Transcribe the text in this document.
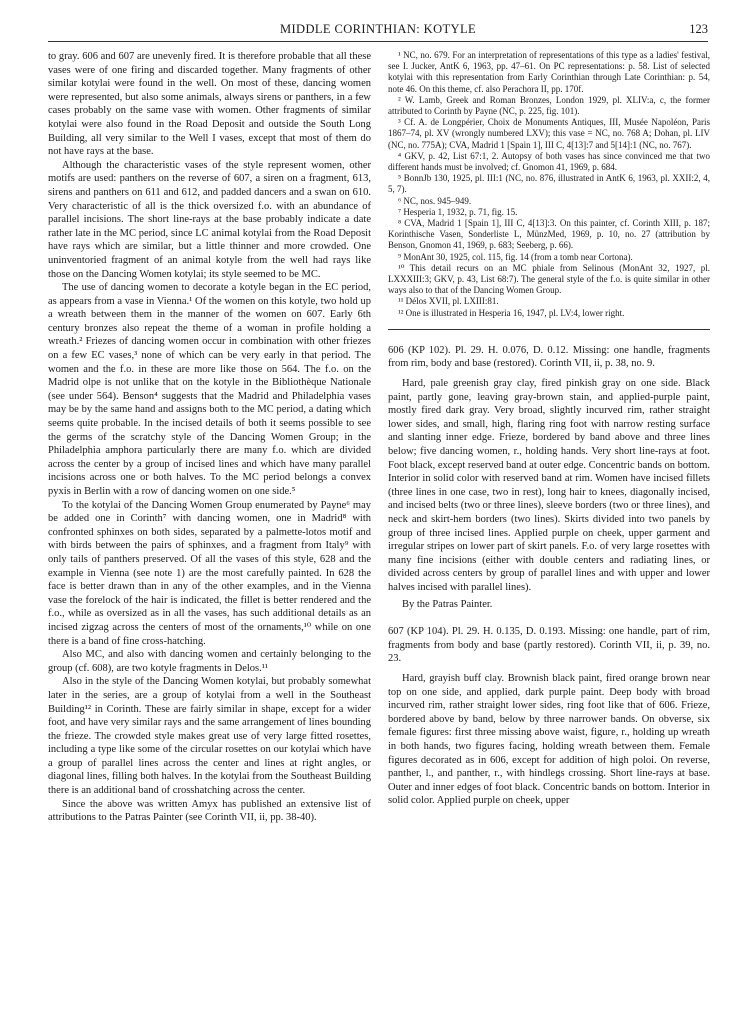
MIDDLE CORINTHIAN: KOTYLE	123

to gray. 606 and 607 are unevenly fired. It is therefore probable that all these vases were of one firing and discarded together. Many fragments of other similar kotylai were found in the well. On most of these, dancing women were represented, but also some animals, always sirens or panthers, in a few cases probably on the same vase with women. Other fragments of similar kotylai were also found in the Road Deposit and outside the South Long Building, all very similar to the Well I vases, except that most of them do not have rays at the base.

Although the characteristic vases of the style represent women, other motifs are used: panthers on the reverse of 607, a siren on a fragment, 613, sirens and panthers on 611 and 612, and padded dancers and a swan on 610. Very characteristic of all is the thick oversized f.o. with an abundance of parallel incisions. The short line-rays at the base probably indicate a date rather late in the MC period, since LC animal kotylai from the Road Deposit have rays which are similar, but a little thinner and more crowded. One uninventoried fragment of an animal kotyle from the well had rays like those on the Dancing Women kotylai; its style seemed to be MC.

The use of dancing women to decorate a kotyle began in the EC period, as appears from a vase in Vienna.¹ Of the women on this kotyle, two hold up a wreath between them in the manner of the women on 607. Early 6th century bronzes also repeat the theme of a woman in profile holding a wreath.² Friezes of dancing women occur in combination with other friezes on a few EC vases,³ none of which can be very early in that period. The women and the f.o. in these are more like those on 564. The f.o. on the Madrid olpe is not unlike that on the kotyle in the Bibliothèque Nationale (see under 564). Benson⁴ suggests that the Madrid and Philadelphia vases may be by the same hand and assigns both to the MC period, a dating which seems quite probable. In the incised details of both it seems possible to see the germs of the scratchy style of the Dancing Women Group; in the Philadelphia amphora particularly there are many f.o. which are divided across the center by a group of incised lines and which have many parallel incisions across one or both halves. To the MC period belongs a convex pyxis in Berlin with a row of dancing women on one side.⁵

To the kotylai of the Dancing Women Group enumerated by Payne⁶ may be added one in Corinth⁷ with dancing women, one in Madrid⁸ with confronted sphinxes on both sides, separated by a palmette-lotos motif and with birds between the pairs of sphinxes, and a fragment from Italy⁹ with only tails of panthers preserved. Of all the vases of this style, 628 and the example in Vienna (see note 1) are the most carefully painted. In 628 the face is better drawn than in any of the other examples, and in the Vienna vase the forelock of the hair is indicated, the fillet is better rendered and the f.o., while as oversized as in all the vases, has such additional details as an incised zigzag across the centers of most of the ornaments,¹⁰ while on one there is a band of fine cross-hatching.

Also MC, and also with dancing women and certainly belonging to the group (cf. 608), are two kotyle fragments in Delos.¹¹

Also in the style of the Dancing Women kotylai, but probably somewhat later in the series, are a group of kotylai from a well in the Southeast Building¹² in Corinth. These are fairly similar in shape, except for a wider foot, and have very similar rays and the same arrangement of lines bounding the frieze. The crowded style makes great use of very large fitted rosettes, including a type like some of the circular rosettes on our kotylai which have a group of parallel lines across the center and lines at right angles, or diagonal lines, filling both halves. In the kotylai from the Southeast Building there is an additional band of crosshatching across the center.

Since the above was written Amyx has published an extensive list of attributions to the Patras Painter (see Corinth VII, ii, pp. 38-40).

¹ NC, no. 679. For an interpretation of representations of this type as a ladies' festival, see I. Jucker, AntK 6, 1963, pp. 47–61. On PC representations: p. 58. List of selected kotylai with this representation from Early Corinthian through Late Corinthian: p. 54, note 46. On this theme, cf. also Perachora II, pp. 170f.

² W. Lamb, Greek and Roman Bronzes, London 1929, pl. XLIV:a, c, the former attributed to Corinth by Payne (NC, p. 225, fig. 101).

³ Cf. A. de Longpérier, Choix de Monuments Antiques, III, Musée Napoléon, Paris 1867–74, pl. XV (wrongly numbered LXV); this vase = NC, no. 768 A; Dohan, pl. LIV (NC, no. 775A); CVA, Madrid 1 [Spain 1], III C, 4[13]:7 and 5[14]:1 (NC, no. 767).

⁴ GKV, p. 42, List 67:1, 2. Autopsy of both vases has since convinced me that two different hands must be involved; cf. Gnomon 41, 1969, p. 684.

⁵ BonnJb 130, 1925, pl. III:1 (NC, no. 876, illustrated in AntK 6, 1963, pl. XXII:2, 4, 5, 7).

⁶ NC, nos. 945–949.

⁷ Hesperia 1, 1932, p. 71, fig. 15.

⁸ CVA, Madrid 1 [Spain 1], III C, 4[13]:3. On this painter, cf. Corinth XIII, p. 187; Korinthische Vasen, Sonderliste L, MünzMed, 1969, p. 10, no. 27 (attribution by Benson, Gnomon 41, 1969, p. 683; Seeberg, p. 66).

⁹ MonAnt 30, 1925, col. 115, fig. 14 (from a tomb near Cortona).

¹⁰ This detail recurs on an MC phiale from Selinous (MonAnt 32, 1927, pl. LXXXIII:3; GKV, p. 43, List 68:7). The general style of the f.o. is quite similar in other ways also to that of the Dancing Women Group.

¹¹ Délos XVII, pl. LXIII:81.

¹² One is illustrated in Hesperia 16, 1947, pl. LV:4, lower right.

606 (KP 102). Pl. 29. H. 0.076, D. 0.12. Missing: one handle, fragments from rim, body and base (restored). Corinth VII, ii, p. 38, no. 9.

Hard, pale greenish gray clay, fired pinkish gray on one side. Black paint, partly gone, leaving gray-brown stain, and applied-purple paint, mostly fired dark gray. Very broad, slightly incurved rim, rather straight lower sides, and small, high, flaring ring foot with narrow resting surface and slanting inner edge. Frieze, bordered by band above and three lines below; five dancing women, r., holding hands. Very short line-rays at foot. Foot black, except reserved band at outer edge. Concentric bands on bottom. Interior in solid color with reserved band at rim. Women have incised fillets (three lines in one case, two in rest), long hair to knees, diagonally incised, and incised belts (two or three lines), sleeve borders (two or three lines), and neck and skirt-hem borders (two lines). Skirts divided into two panels by group of three incised lines. Applied purple on cheek, upper garment and irregular stripes on lower part of skirt panels. F.o. of very large rosettes with many fine incisions (either with double centers and radiating lines, or divided across centers by group of parallel lines and with upper and lower halves incised with parallel lines).

By the Patras Painter.

607 (KP 104). Pl. 29. H. 0.135, D. 0.193. Missing: one handle, part of rim, fragments from body and base (partly restored). Corinth VII, ii, p. 39, no. 23.

Hard, grayish buff clay. Brownish black paint, fired orange brown near top on one side, and applied, dark purple paint. Deep body with broad incurved rim, rather straight lower sides, ring foot like that of 606. Frieze, bordered above by band, below by three narrower bands. On obverse, six female figures: first three missing above waist, figure, r., holding up wreath in both hands, two figures facing, holding wreath between them. Female figures decorated as in 606, except for addition of high poloi. On reverse, panther, l., and panther, r., with hindlegs crossing. Short line-rays at base. Outer and inner edges of foot black. Concentric bands on bottom. Interior in solid color. Applied purple on cheek, upper
